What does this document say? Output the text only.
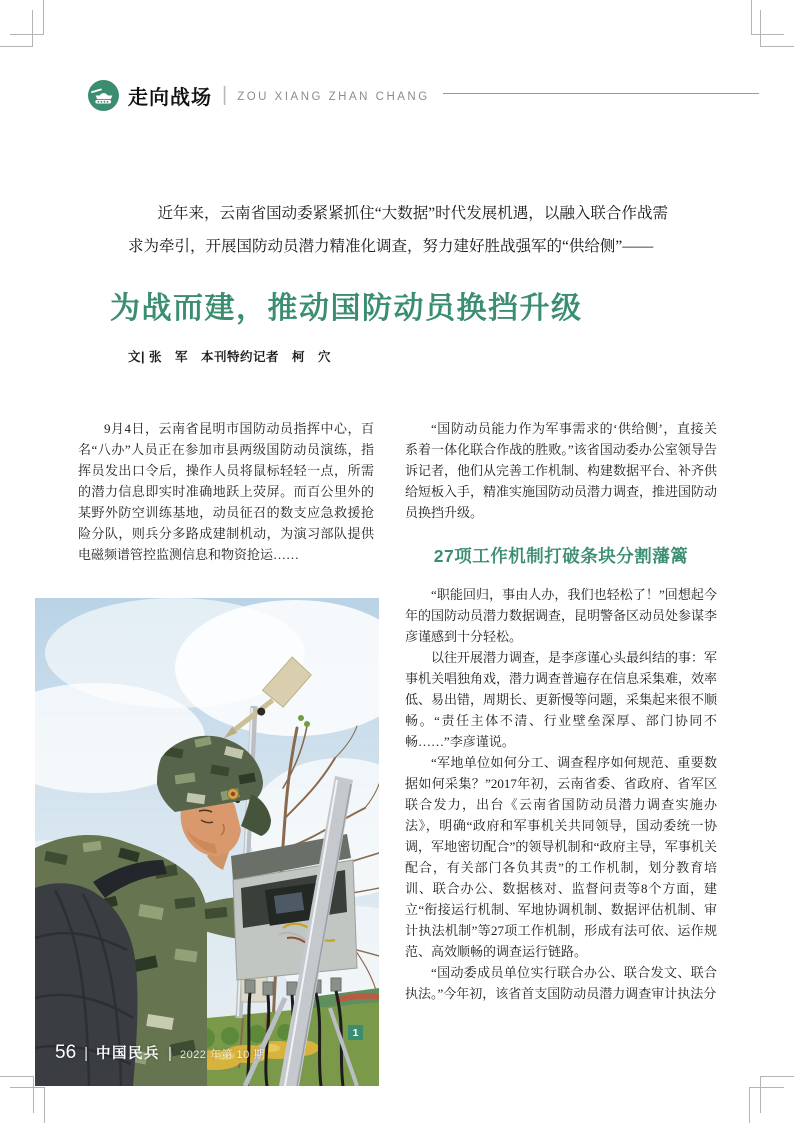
走向战场 | ZOU XIANG ZHAN CHANG
近年来，云南省国动委紧紧抓住“大数据”时代发展机遇，以融入联合作战需求为牵引，开展国防动员潜力精准化调查，努力建好胜战强军的“供给侧”——
为战而建，推动国防动员换挡升级
文| 张　军　本刊特约记者　柯　穴

9月4日，云南省昆明市国防动员指挥中心，百名“八办”人员正在参加市县两级国防动员演练，指挥员发出口令后，操作人员将鼠标轻轻一点，所需的潜力信息即实时准确地跃上荧屏。而百公里外的某野外防空训练基地，动员征召的数支应急救援抢险分队，则兵分多路成建制机动，为演习部队提供电磁频谱管控监测信息和物资抢运……

“国防动员能力作为军事需求的‘供给侧’，直接关系着一体化联合作战的胜败。”该省国动委办公室领导告诉记者，他们从完善工作机制、构建数据平台、补齐供给短板入手，精准实施国防动员潜力调查，推进国防动员换挡升级。

27项工作机制打破条块分割藩篱

“职能回归，事由人办，我们也轻松了！”回想起今年的国防动员潜力数据调查，昆明警备区动员处参谋李彦谨感到十分轻松。

以往开展潜力调查，是李彦谨心头最纠结的事：军事机关唱独角戏，潜力调查普遍存在信息采集难，效率低、易出错，周期长、更新慢等问题，采集起来很不顺畅。“责任主体不清、行业壁垒深厚、部门协同不畅……”李彦谨说。

“军地单位如何分工、调查程序如何规范、重要数据如何采集？”2017年初，云南省委、省政府、省军区联合发力，出台《云南省国防动员潜力调查实施办法》，明确“政府和军事机关共同领导，国动委统一协调，军地密切配合”的领导机制和“政府主导，军事机关配合，有关部门各负其责”的工作机制，划分教育培训、联合办公、数据核对、监督问责等8个方面，建立“衔接运行机制、军地协调机制、数据评估机制、审计执法机制”等27项工作机制，形成有法可依、运作规范、高效顺畅的调查运行链路。

“国动委成员单位实行联合办公、联合发文、联合执法。”今年初，该省首支国防动员潜力调查审计执法分

56 | 中国民兵 | 2022 年第 10 期
1
